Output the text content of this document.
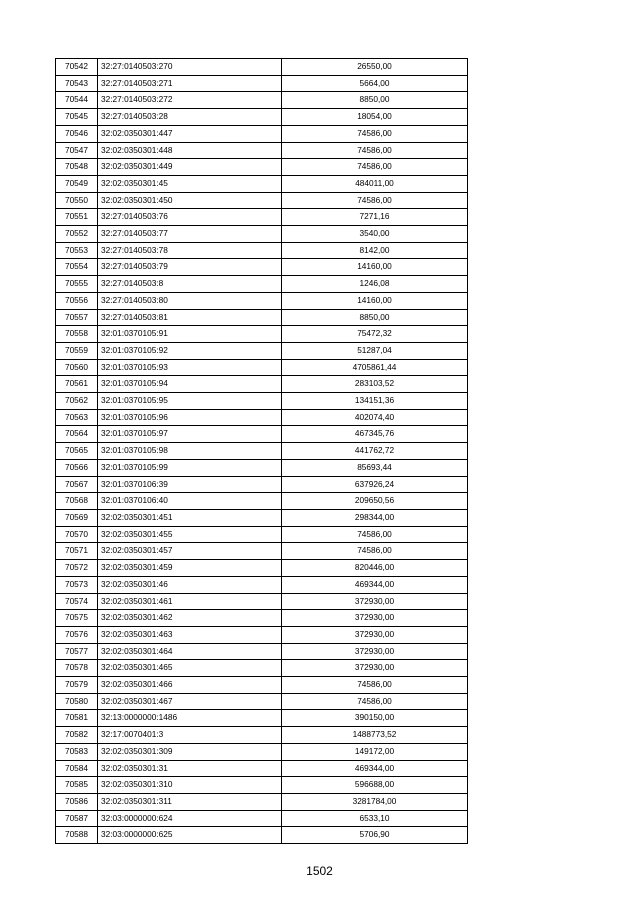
70542	32:27:0140503:270	26550,00
70543	32:27:0140503:271	5664,00
70544	32:27:0140503:272	8850,00
70545	32:27:0140503:28	18054,00
70546	32:02:0350301:447	74586,00
70547	32:02:0350301:448	74586,00
70548	32:02:0350301:449	74586,00
70549	32:02:0350301:45	484011,00
70550	32:02:0350301:450	74586,00
70551	32:27:0140503:76	7271,16
70552	32:27:0140503:77	3540,00
70553	32:27:0140503:78	8142,00
70554	32:27:0140503:79	14160,00
70555	32:27:0140503:8	1246,08
70556	32:27:0140503:80	14160,00
70557	32:27:0140503:81	8850,00
70558	32:01:0370105:91	75472,32
70559	32:01:0370105:92	51287,04
70560	32:01:0370105:93	4705861,44
70561	32:01:0370105:94	283103,52
70562	32:01:0370105:95	134151,36
70563	32:01:0370105:96	402074,40
70564	32:01:0370105:97	467345,76
70565	32:01:0370105:98	441762,72
70566	32:01:0370105:99	85693,44
70567	32:01:0370106:39	637926,24
70568	32:01:0370106:40	209650,56
70569	32:02:0350301:451	298344,00
70570	32:02:0350301:455	74586,00
70571	32:02:0350301:457	74586,00
70572	32:02:0350301:459	820446,00
70573	32:02:0350301:46	469344,00
70574	32:02:0350301:461	372930,00
70575	32:02:0350301:462	372930,00
70576	32:02:0350301:463	372930,00
70577	32:02:0350301:464	372930,00
70578	32:02:0350301:465	372930,00
70579	32:02:0350301:466	74586,00
70580	32:02:0350301:467	74586,00
70581	32:13:0000000:1486	390150,00
70582	32:17:0070401:3	1488773,52
70583	32:02:0350301:309	149172,00
70584	32:02:0350301:31	469344,00
70585	32:02:0350301:310	596688,00
70586	32:02:0350301:311	3281784,00
70587	32:03:0000000:624	6533,10
70588	32:03:0000000:625	5706,90
1502
